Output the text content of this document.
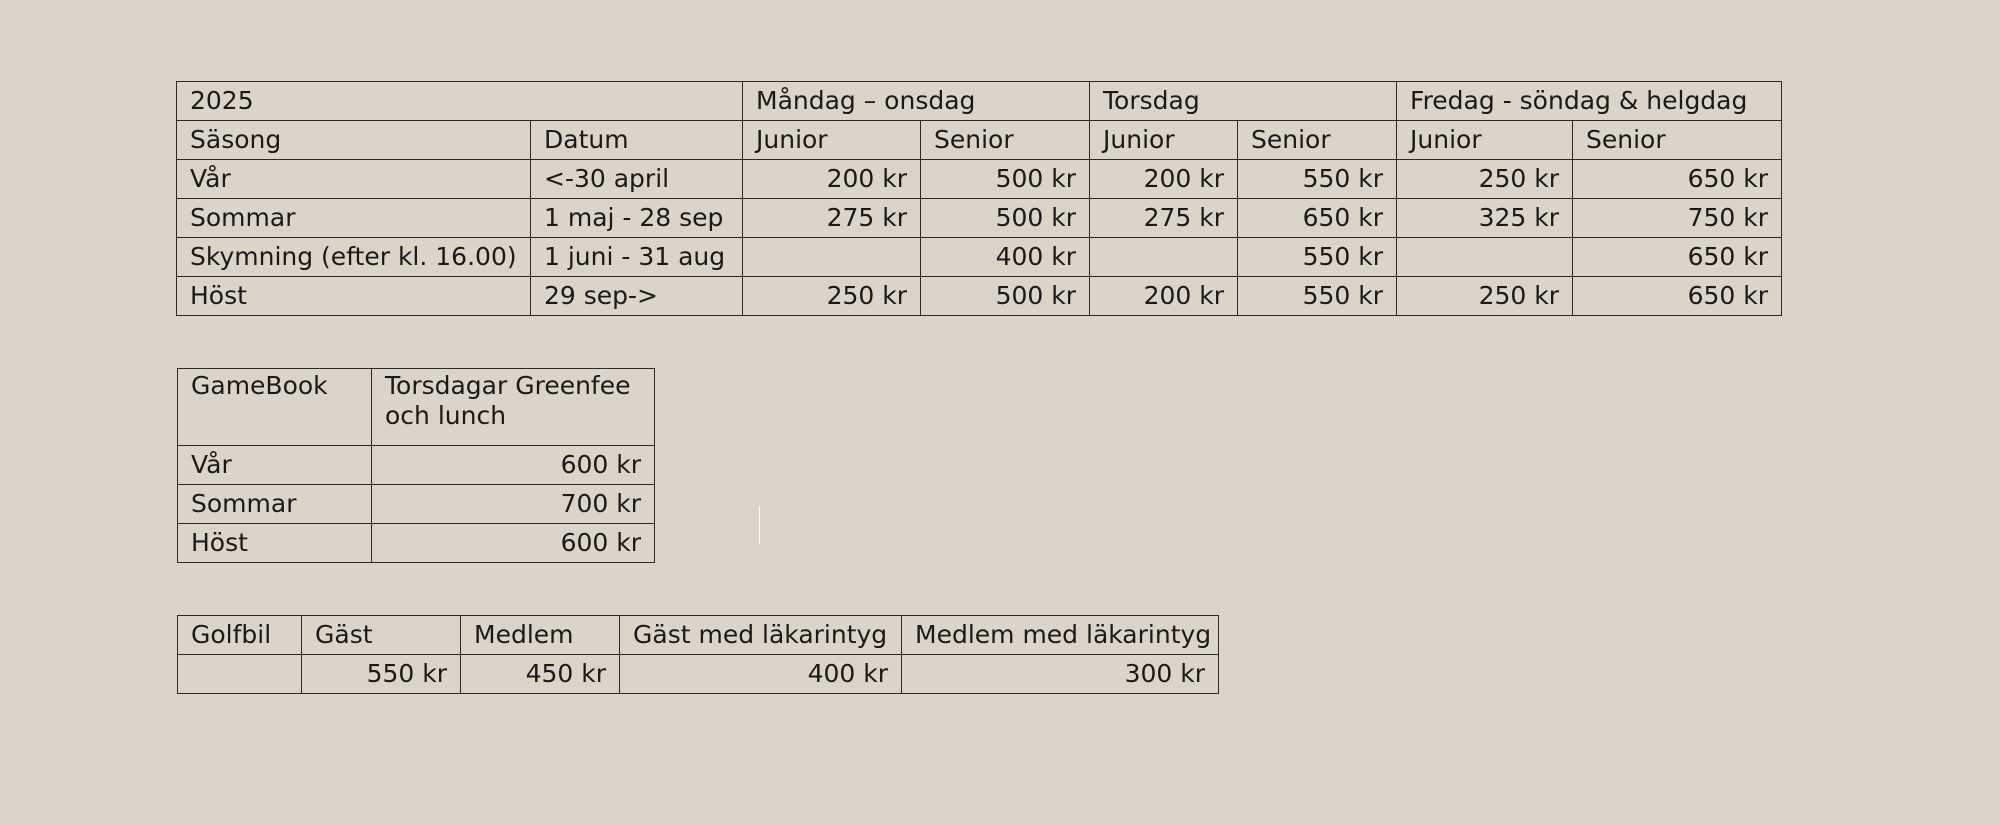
2025		Måndag – onsdag		Torsdag		Fredag - söndag & helgdag	
Säsong	Datum	Junior	Senior	Junior	Senior	Junior	Senior
Vår	<-30 april	200 kr	500 kr	200 kr	550 kr	250 kr	650 kr
Sommar	1 maj - 28 sep	275 kr	500 kr	275 kr	650 kr	325 kr	750 kr
Skymning (efter kl. 16.00)	1 juni - 31 aug		400 kr		550 kr		650 kr
Höst	29 sep->	250 kr	500 kr	200 kr	550 kr	250 kr	650 kr
GameBook	Torsdagar Greenfee och lunch
Vår	600 kr
Sommar	700 kr
Höst	600 kr
Golfbil	Gäst	Medlem	Gäst med läkarintyg	Medlem med läkarintyg
	550 kr	450 kr	400 kr	300 kr
